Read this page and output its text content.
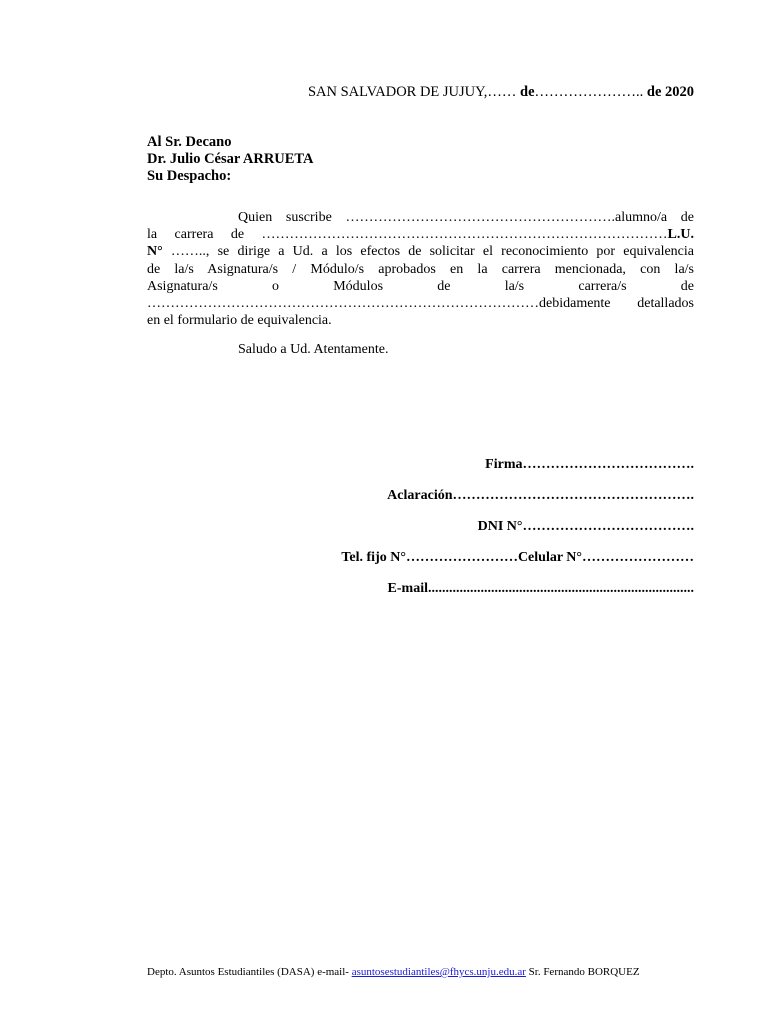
SAN SALVADOR DE JUJUY,…… de………………….. de 2020
Al Sr. Decano
Dr. Julio César ARRUETA
Su Despacho:

Quien suscribe ………………………………………………….alumno/a de

la carrera de ……………………………………………………………………………L.U.

N° …….., se dirige a Ud. a los efectos de solicitar el reconocimiento por equivalencia

de la/s Asignatura/s / Módulo/s aprobados en la carrera mencionada, con la/s

Asignatura/s o Módulos de la/s carrera/s de

…………………………………………………………………………debidamente detallados

en el formulario de equivalencia.

Saludo a Ud. Atentamente.
Firma……………………………….
Aclaración…………………………………………….
DNI N°……………………………….
Tel. fijo N°……………………Celular N°……………………
E-mail............................................................................
Depto. Asuntos Estudiantiles (DASA) e-mail- asuntosestudiantiles@fhycs.unju.edu.ar Sr. Fernando BORQUEZ
